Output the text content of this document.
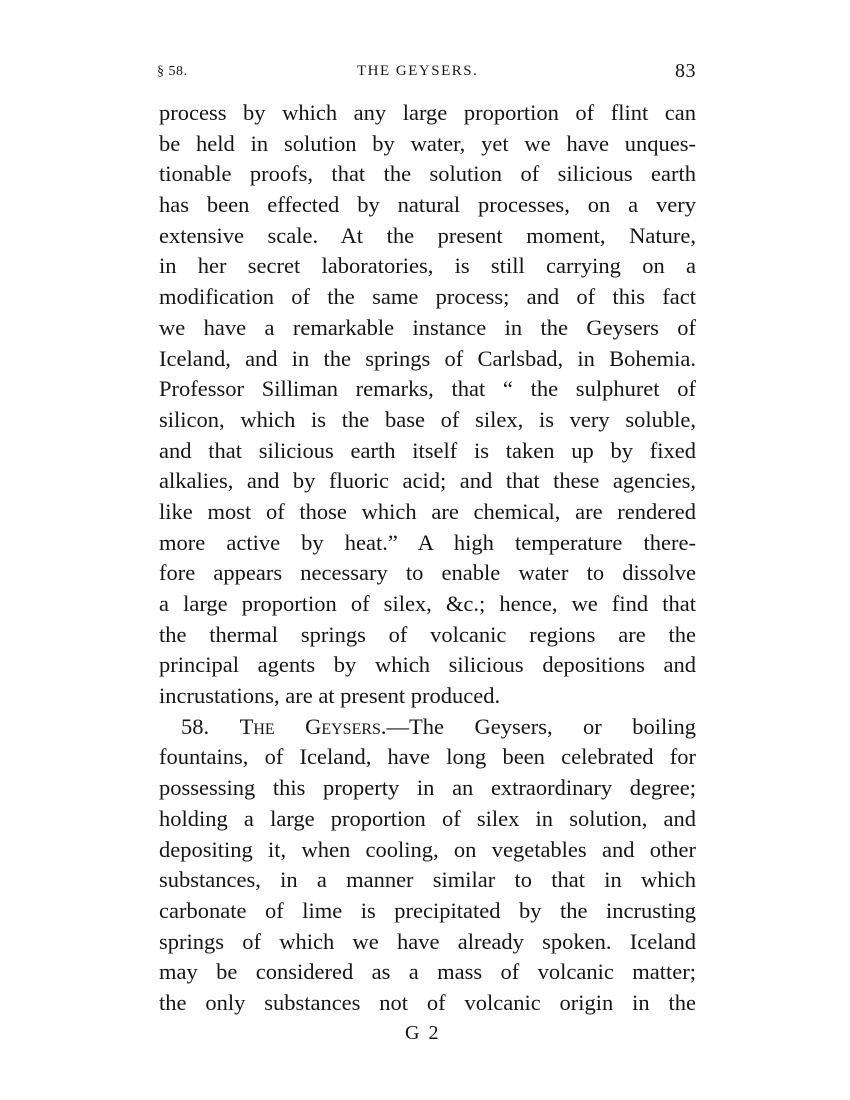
§ 58.	THE GEYSERS.	83
process by which any large proportion of flint can
be held in solution by water, yet we have unques-
tionable proofs, that the solution of silicious earth
has been effected by natural processes, on a very
extensive scale. At the present moment, Nature,
in her secret laboratories, is still carrying on a
modification of the same process; and of this fact
we have a remarkable instance in the Geysers of
Iceland, and in the springs of Carlsbad, in Bohemia.
Professor Silliman remarks, that “ the sulphuret of
silicon, which is the base of silex, is very soluble,
and that silicious earth itself is taken up by fixed
alkalies, and by fluoric acid; and that these agencies,
like most of those which are chemical, are rendered
more active by heat.” A high temperature there-
fore appears necessary to enable water to dissolve
a large proportion of silex, &c.; hence, we find that
the thermal springs of volcanic regions are the
principal agents by which silicious depositions and
incrustations, are at present produced.
58. The Geysers.—The Geysers, or boiling
fountains, of Iceland, have long been celebrated for
possessing this property in an extraordinary degree;
holding a large proportion of silex in solution, and
depositing it, when cooling, on vegetables and other
substances, in a manner similar to that in which
carbonate of lime is precipitated by the incrusting
springs of which we have already spoken. Iceland
may be considered as a mass of volcanic matter;
the only substances not of volcanic origin in the
G 2
